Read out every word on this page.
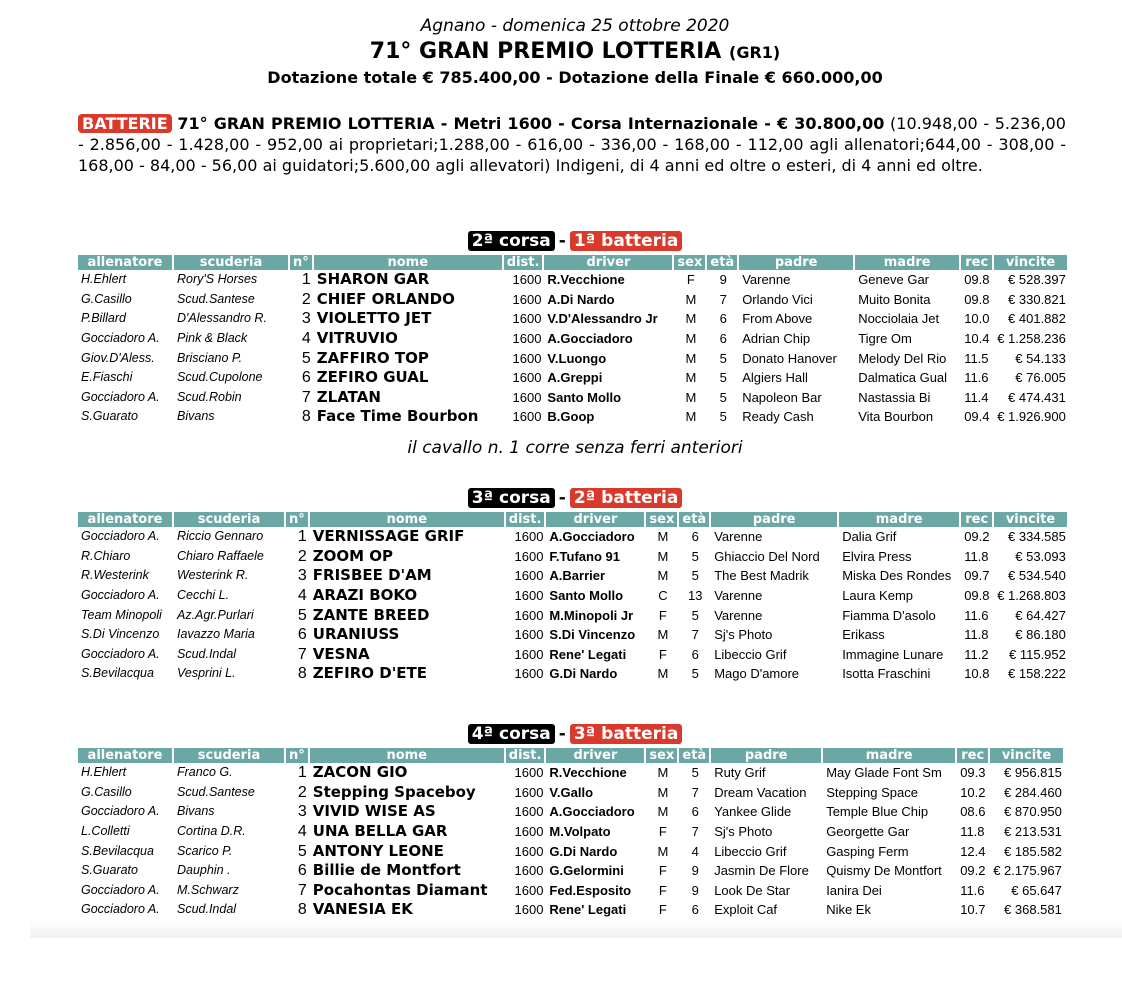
Agnano - domenica 25 ottobre 2020
71° GRAN PREMIO LOTTERIA (GR1)
Dotazione totale € 785.400,00 - Dotazione della Finale € 660.000,00
BATTERIE 71° GRAN PREMIO LOTTERIA - Metri 1600 - Corsa Internazionale - € 30.800,00 (10.948,00 - 5.236,00 - 2.856,00 - 1.428,00 - 952,00 ai proprietari;1.288,00 - 616,00 - 336,00 - 168,00 - 112,00 agli allenatori;644,00 - 308,00 - 168,00 - 84,00 - 56,00 ai guidatori;5.600,00 agli allevatori) Indigeni, di 4 anni ed oltre o esteri, di 4 anni ed oltre.
2ª corsa - 1ª batteria
allenatore	scuderia	n°	nome	dist.	driver	sex	età	padre	madre	rec	vincite
H.Ehlert	Rory'S Horses	1	SHARON GAR	1600	R.Vecchione	F	9	Varenne	Geneve Gar	09.8	€ 528.397
G.Casillo	Scud.Santese	2	CHIEF ORLANDO	1600	A.Di Nardo	M	7	Orlando Vici	Muito Bonita	09.8	€ 330.821
P.Billard	D'Alessandro R.	3	VIOLETTO JET	1600	V.D'Alessandro Jr	M	6	From Above	Nocciolaia Jet	10.0	€ 401.882
Gocciadoro A.	Pink & Black	4	VITRUVIO	1600	A.Gocciadoro	M	6	Adrian Chip	Tigre Om	10.4	€ 1.258.236
Giov.D'Aless.	Brisciano P.	5	ZAFFIRO TOP	1600	V.Luongo	M	5	Donato Hanover	Melody Del Rio	11.5	€ 54.133
E.Fiaschi	Scud.Cupolone	6	ZEFIRO GUAL	1600	A.Greppi	M	5	Algiers Hall	Dalmatica Gual	11.6	€ 76.005
Gocciadoro A.	Scud.Robin	7	ZLATAN	1600	Santo Mollo	M	5	Napoleon Bar	Nastassia Bi	11.4	€ 474.431
S.Guarato	Bivans	8	Face Time Bourbon	1600	B.Goop	M	5	Ready Cash	Vita Bourbon	09.4	€ 1.926.900
il cavallo n. 1 corre senza ferri anteriori
3ª corsa - 2ª batteria
allenatore	scuderia	n°	nome	dist.	driver	sex	età	padre	madre	rec	vincite
Gocciadoro A.	Riccio Gennaro	1	VERNISSAGE GRIF	1600	A.Gocciadoro	M	6	Varenne	Dalia Grif	09.2	€ 334.585
R.Chiaro	Chiaro Raffaele	2	ZOOM OP	1600	F.Tufano 91	M	5	Ghiaccio Del Nord	Elvira Press	11.8	€ 53.093
R.Westerink	Westerink R.	3	FRISBEE D'AM	1600	A.Barrier	M	5	The Best Madrik	Miska Des Rondes	09.7	€ 534.540
Gocciadoro A.	Cecchi L.	4	ARAZI BOKO	1600	Santo Mollo	C	13	Varenne	Laura Kemp	09.8	€ 1.268.803
Team Minopoli	Az.Agr.Purlari	5	ZANTE BREED	1600	M.Minopoli Jr	F	5	Varenne	Fiamma D'asolo	11.6	€ 64.427
S.Di Vincenzo	Iavazzo Maria	6	URANIUSS	1600	S.Di Vincenzo	M	7	Sj's Photo	Erikass	11.8	€ 86.180
Gocciadoro A.	Scud.Indal	7	VESNA	1600	Rene' Legati	F	6	Libeccio Grif	Immagine Lunare	11.2	€ 115.952
S.Bevilacqua	Vesprini L.	8	ZEFIRO D'ETE	1600	G.Di Nardo	M	5	Mago D'amore	Isotta Fraschini	10.8	€ 158.222
4ª corsa - 3ª batteria
allenatore	scuderia	n°	nome	dist.	driver	sex	età	padre	madre	rec	vincite
H.Ehlert	Franco G.	1	ZACON GIO	1600	R.Vecchione	M	5	Ruty Grif	May Glade Font Sm	09.3	€ 956.815
G.Casillo	Scud.Santese	2	Stepping Spaceboy	1600	V.Gallo	M	7	Dream Vacation	Stepping Space	10.2	€ 284.460
Gocciadoro A.	Bivans	3	VIVID WISE AS	1600	A.Gocciadoro	M	6	Yankee Glide	Temple Blue Chip	08.6	€ 870.950
L.Colletti	Cortina D.R.	4	UNA BELLA GAR	1600	M.Volpato	F	7	Sj's Photo	Georgette Gar	11.8	€ 213.531
S.Bevilacqua	Scarico P.	5	ANTONY LEONE	1600	G.Di Nardo	M	4	Libeccio Grif	Gasping Ferm	12.4	€ 185.582
S.Guarato	Dauphin .	6	Billie de Montfort	1600	G.Gelormini	F	9	Jasmin De Flore	Quismy De Montfort	09.2	€ 2.175.967
Gocciadoro A.	M.Schwarz	7	Pocahontas Diamant	1600	Fed.Esposito	F	9	Look De Star	Ianira Dei	11.6	€ 65.647
Gocciadoro A.	Scud.Indal	8	VANESIA EK	1600	Rene' Legati	F	6	Exploit Caf	Nike Ek	10.7	€ 368.581
